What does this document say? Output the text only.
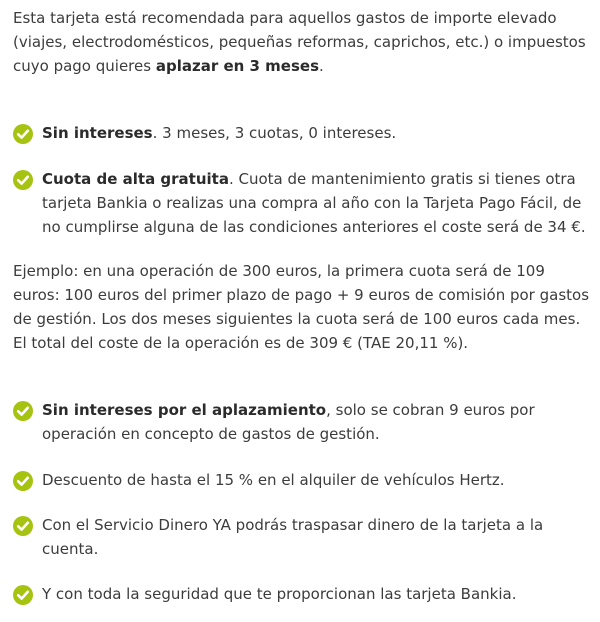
Esta tarjeta está recomendada para aquellos gastos de importe elevado (viajes, electrodomésticos, pequeñas reformas, caprichos, etc.) o impuestos cuyo pago quieres aplazar en 3 meses.

Sin intereses. 3 meses, 3 cuotas, 0 intereses.
Cuota de alta gratuita. Cuota de mantenimiento gratis si tienes otra tarjeta Bankia o realizas una compra al año con la Tarjeta Pago Fácil, de no cumplirse alguna de las condiciones anteriores el coste será de 34 €.

Ejemplo: en una operación de 300 euros, la primera cuota será de 109 euros: 100 euros del primer plazo de pago + 9 euros de comisión por gastos de gestión. Los dos meses siguientes la cuota será de 100 euros cada mes. El total del coste de la operación es de 309 € (TAE 20,11 %).

Sin intereses por el aplazamiento, solo se cobran 9 euros por operación en concepto de gastos de gestión.
Descuento de hasta el 15 % en el alquiler de vehículos Hertz.
Con el Servicio Dinero YA podrás traspasar dinero de la tarjeta a la cuenta.
Y con toda la seguridad que te proporcionan las tarjeta Bankia.
